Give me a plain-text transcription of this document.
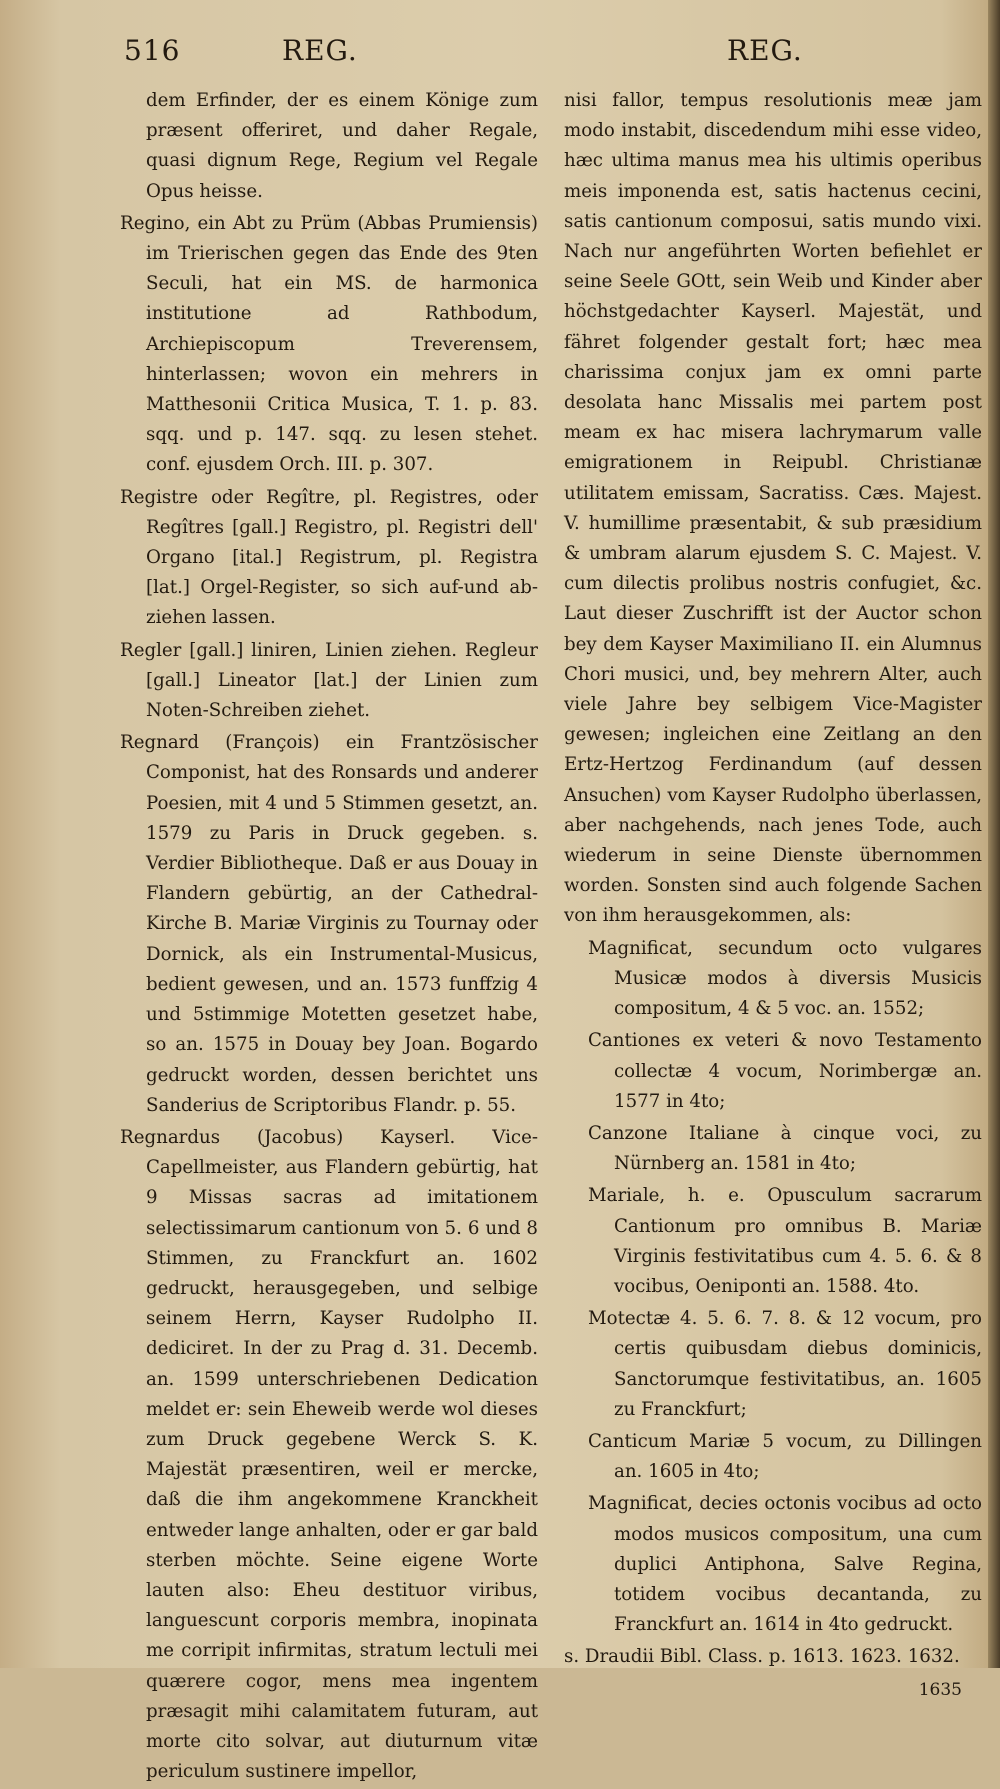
516	REG.	REG.

dem Erfinder, der es einem Könige zum præsent offeriret, und daher Regale, quasi dignum Rege, Regium vel Regale Opus heisse.

Regino, ein Abt zu Prüm (Abbas Prumiensis) im Trierischen gegen das Ende des 9ten Seculi, hat ein MS. de harmonica institutione ad Rathbodum, Archiepiscopum Treverensem, hinterlassen; wovon ein mehrers in Matthesonii Critica Musica, T. 1. p. 83. sqq. und p. 147. sqq. zu lesen stehet. conf. ejusdem Orch. III. p. 307.

Registre oder Regître, pl. Registres, oder Regîtres [gall.] Registro, pl. Registri dell' Organo [ital.] Registrum, pl. Registra [lat.] Orgel-Register, so sich auf-und ab-ziehen lassen.

Regler [gall.] liniren, Linien ziehen. Regleur [gall.] Lineator [lat.] der Linien zum Noten-Schreiben ziehet.

Regnard (François) ein Frantzösischer Componist, hat des Ronsards und anderer Poesien, mit 4 und 5 Stimmen gesetzt, an. 1579 zu Paris in Druck gegeben. s. Verdier Bibliotheque. Daß er aus Douay in Flandern gebürtig, an der Cathedral-Kirche B. Mariæ Virginis zu Tournay oder Dornick, als ein Instrumental-Musicus, bedient gewesen, und an. 1573 funffzig 4 und 5stimmige Motetten gesetzet habe, so an. 1575 in Douay bey Joan. Bogardo gedruckt worden, dessen berichtet uns Sanderius de Scriptoribus Flandr. p. 55.

Regnardus (Jacobus) Kayserl. Vice-Capellmeister, aus Flandern gebürtig, hat 9 Missas sacras ad imitationem selectissimarum cantionum von 5. 6 und 8 Stimmen, zu Franckfurt an. 1602 gedruckt, herausgegeben, und selbige seinem Herrn, Kayser Rudolpho II. dediciret. In der zu Prag d. 31. Decemb. an. 1599 unterschriebenen Dedication meldet er: sein Eheweib werde wol dieses zum Druck gegebene Werck S. K. Majestät præsentiren, weil er mercke, daß die ihm angekommene Kranckheit entweder lange anhalten, oder er gar bald sterben möchte. Seine eigene Worte lauten also: Eheu destituor viribus, languescunt corporis membra, inopinata me corripit infirmitas, stratum lectuli mei quærere cogor, mens mea ingentem præsagit mihi calamitatem futuram, aut morte cito solvar, aut diuturnum vitæ periculum sustinere impellor,

nisi fallor, tempus resolutionis meæ jam modo instabit, discedendum mihi esse video, hæc ultima manus mea his ultimis operibus meis imponenda est, satis hactenus cecini, satis cantionum composui, satis mundo vixi. Nach nur angeführten Worten befiehlet er seine Seele GOtt, sein Weib und Kinder aber höchstgedachter Kayserl. Majestät, und fähret folgender gestalt fort; hæc mea charissima conjux jam ex omni parte desolata hanc Missalis mei partem post meam ex hac misera lachrymarum valle emigrationem in Reipubl. Christianæ utilitatem emissam, Sacratiss. Cæs. Majest. V. humillime præsentabit, & sub præsidium & umbram alarum ejusdem S. C. Majest. V. cum dilectis prolibus nostris confugiet, &c. Laut dieser Zuschrifft ist der Auctor schon bey dem Kayser Maximiliano II. ein Alumnus Chori musici, und, bey mehrern Alter, auch viele Jahre bey selbigem Vice-Magister gewesen; ingleichen eine Zeitlang an den Ertz-Hertzog Ferdinandum (auf dessen Ansuchen) vom Kayser Rudolpho überlassen, aber nachgehends, nach jenes Tode, auch wiederum in seine Dienste übernommen worden. Sonsten sind auch folgende Sachen von ihm herausgekommen, als:

Magnificat, secundum octo vulgares Musicæ modos à diversis Musicis compositum, 4 & 5 voc. an. 1552;

Cantiones ex veteri & novo Testamento collectæ 4 vocum, Norimbergæ an. 1577 in 4to;

Canzone Italiane à cinque voci, zu Nürnberg an. 1581 in 4to;

Mariale, h. e. Opusculum sacrarum Cantionum pro omnibus B. Mariæ Virginis festivitatibus cum 4. 5. 6. & 8 vocibus, Oeniponti an. 1588. 4to.

Motectæ 4. 5. 6. 7. 8. & 12 vocum, pro certis quibusdam diebus dominicis, Sanctorumque festivitatibus, an. 1605 zu Franckfurt;

Canticum Mariæ 5 vocum, zu Dillingen an. 1605 in 4to;

Magnificat, decies octonis vocibus ad octo modos musicos compositum, una cum duplici Antiphona, Salve Regina, totidem vocibus decantanda, zu Franckfurt an. 1614 in 4to gedruckt.

s. Draudii Bibl. Class. p. 1613. 1623. 1632.

1635
